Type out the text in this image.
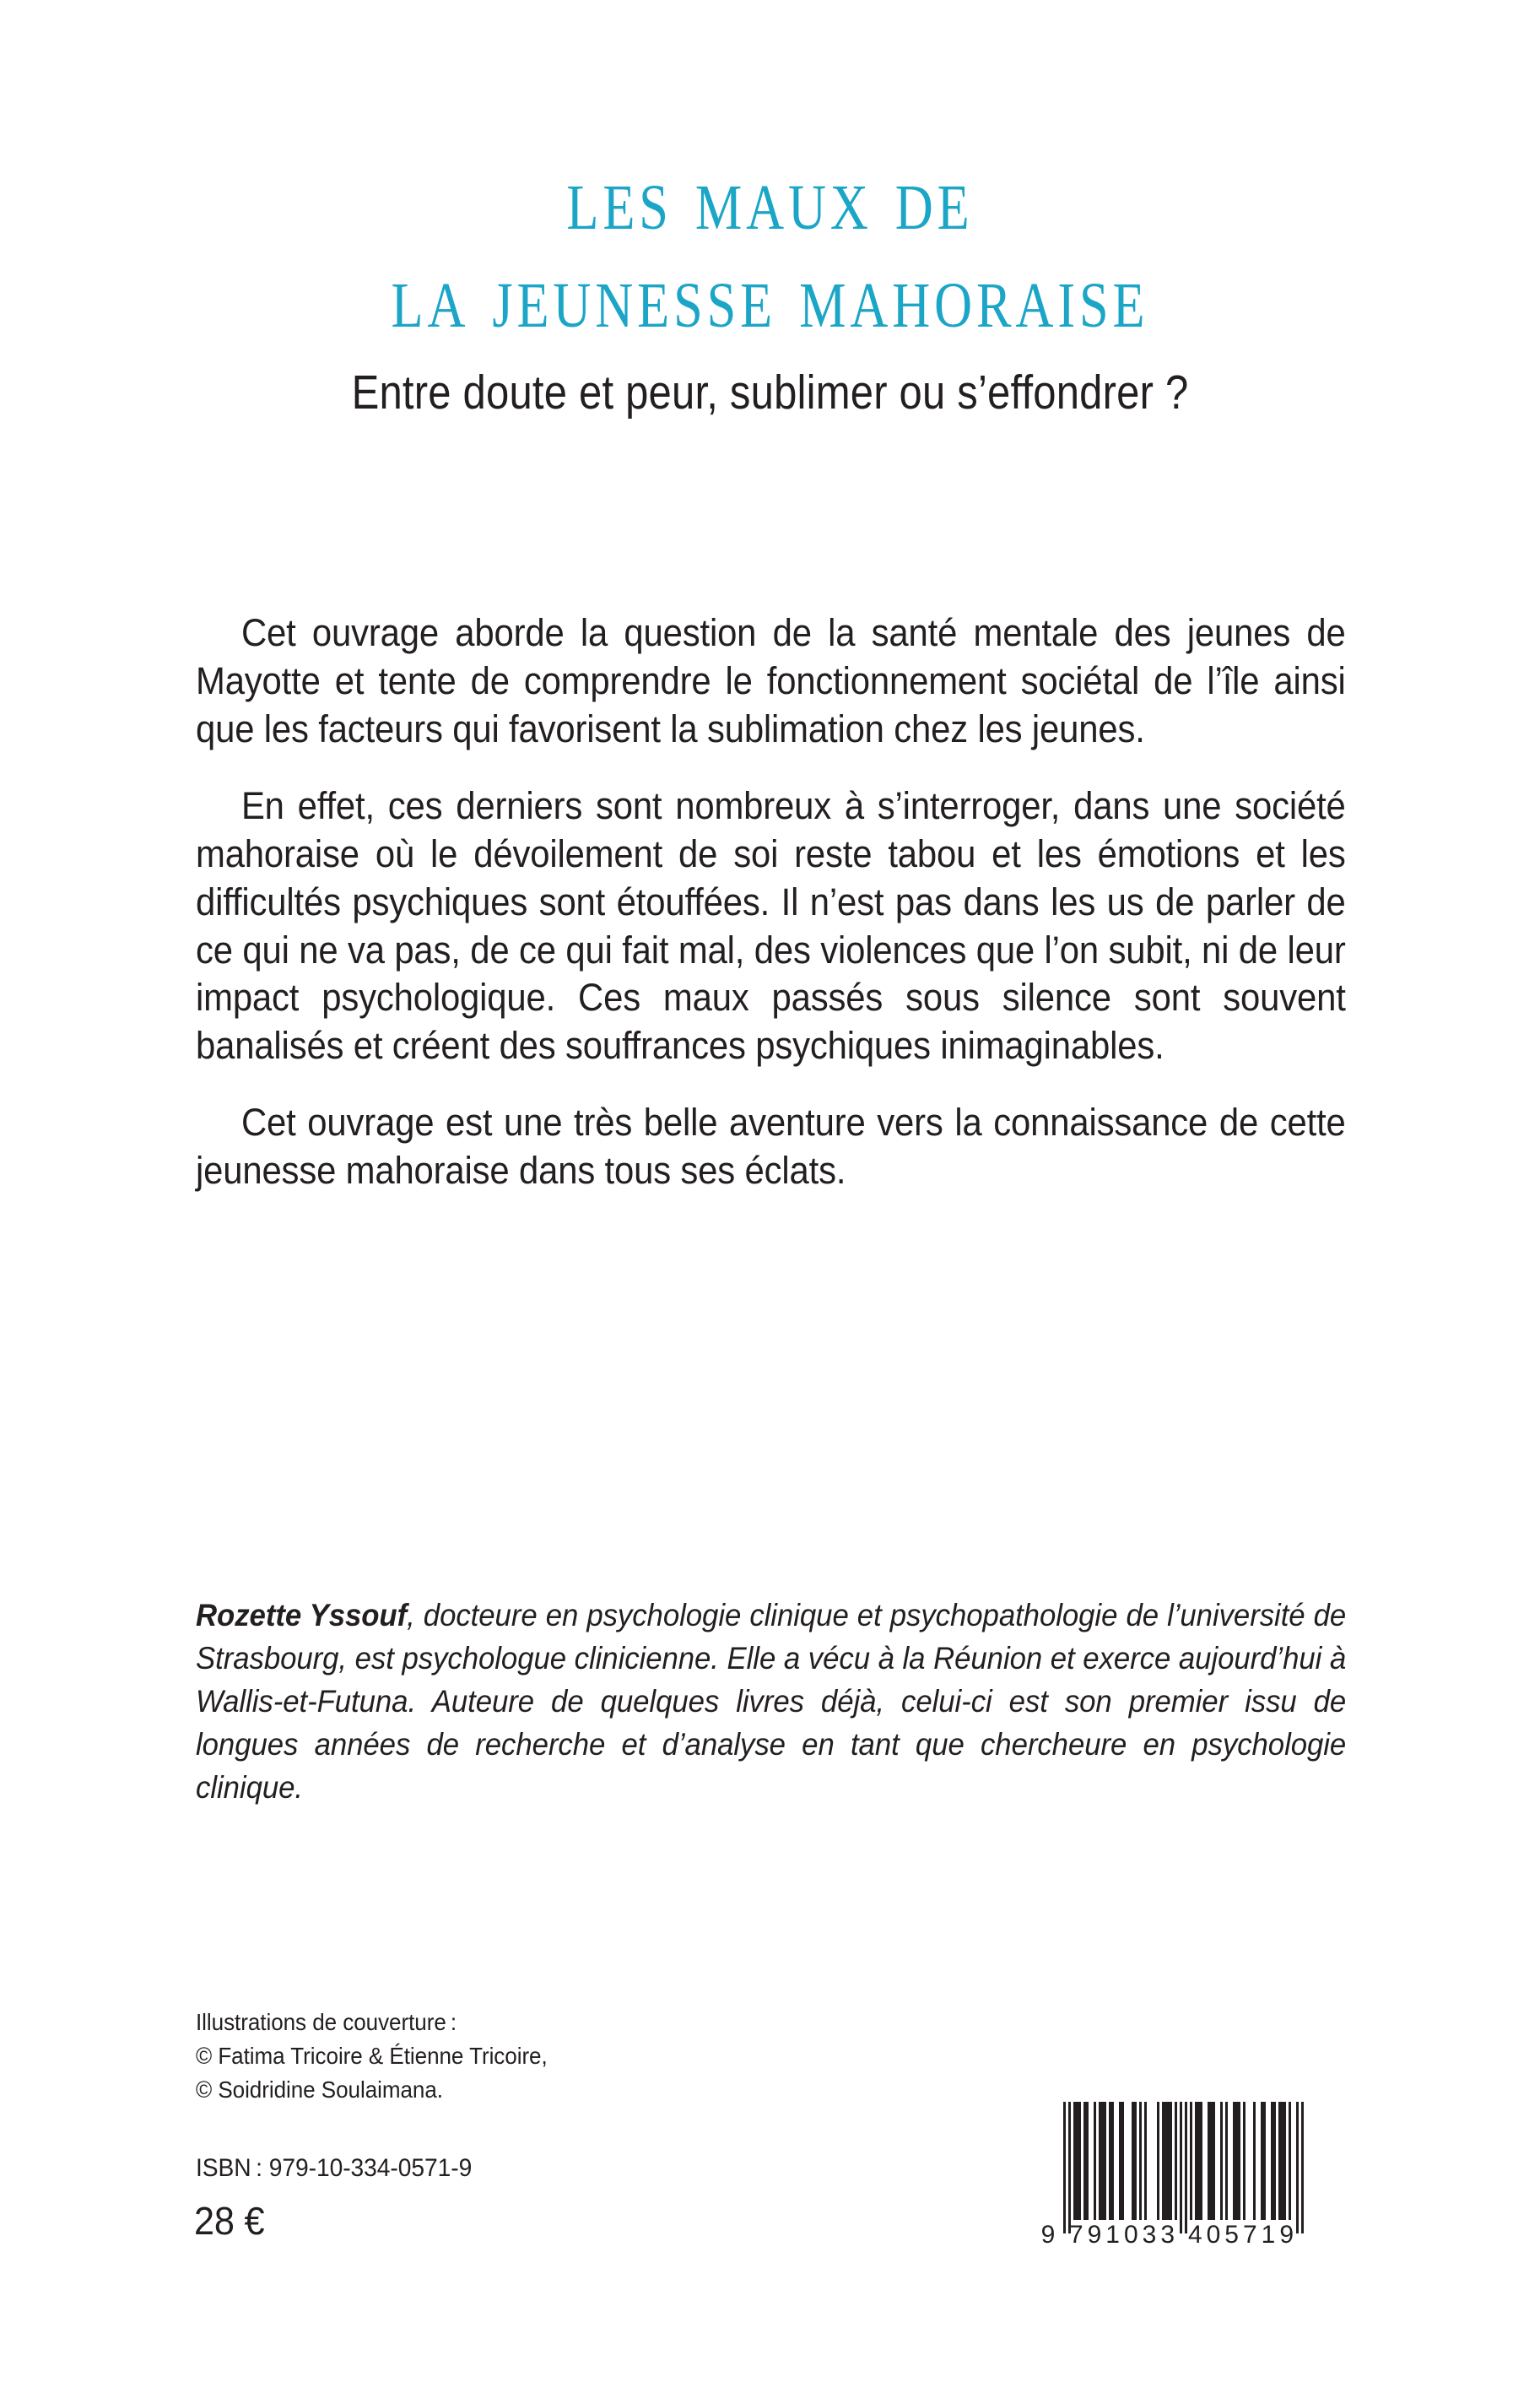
les maux de
la jeunesse mahoraise
Entre doute et peur, sublimer ou s’effondrer ?

Cet ouvrage aborde la question de la santé mentale des jeunes de Mayotte et tente de comprendre le fonctionnement sociétal de l’île ainsi que les facteurs qui favorisent la sublimation chez les jeunes.

En effet, ces derniers sont nombreux à s’interroger, dans une société mahoraise où le dévoilement de soi reste tabou et les émotions et les difficultés psychiques sont étouffées. Il n’est pas dans les us de parler de ce qui ne va pas, de ce qui fait mal, des violences que l’on subit, ni de leur impact psychologique. Ces maux passés sous silence sont souvent banalisés et créent des souffrances psychiques inimaginables.

Cet ouvrage est une très belle aventure vers la connaissance de cette jeunesse mahoraise dans tous ses éclats.

Rozette Yssouf, docteure en psychologie clinique et psychopathologie de l’université de Strasbourg, est psychologue clinicienne. Elle a vécu à la Réunion et exerce aujourd’hui à Wallis-et-Futuna. Auteure de quelques livres déjà, celui-ci est son premier issu de longues années de recherche et d’analyse en tant que chercheure en psychologie clinique.

Illustrations de couverture :
© Fatima Tricoire & Étienne Tricoire,
© Soidridine Soulaimana.
ISBN : 979-10-334-0571-9
28 €	9 791033 405719
